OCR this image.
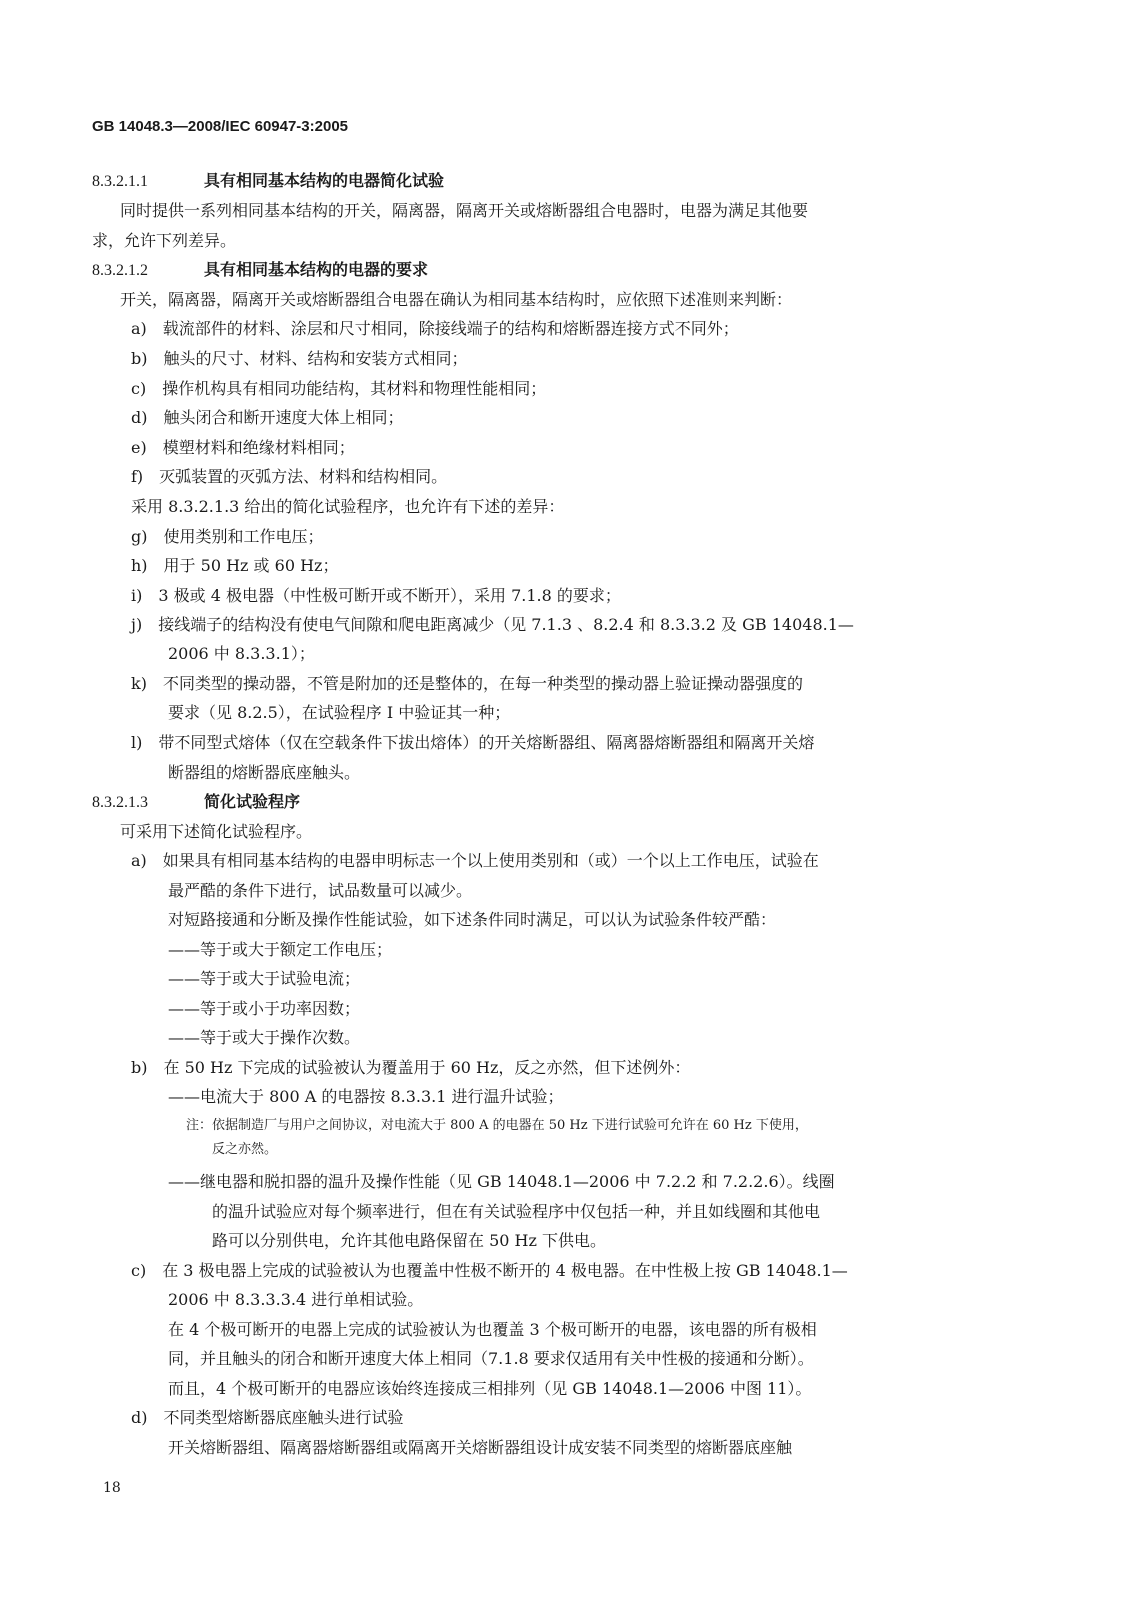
GB 14048.3—2008/IEC 60947-3:2005
8.3.2.1.1	具有相同基本结构的电器简化试验
同时提供一系列相同基本结构的开关，隔离器，隔离开关或熔断器组合电器时，电器为满足其他要
求，允许下列差异。
8.3.2.1.2	具有相同基本结构的电器的要求
开关，隔离器，隔离开关或熔断器组合电器在确认为相同基本结构时，应依照下述准则来判断：
a)　载流部件的材料、涂层和尺寸相同，除接线端子的结构和熔断器连接方式不同外；
b)　触头的尺寸、材料、结构和安装方式相同；
c)　操作机构具有相同功能结构，其材料和物理性能相同；
d)　触头闭合和断开速度大体上相同；
e)　模塑材料和绝缘材料相同；
f)　灭弧装置的灭弧方法、材料和结构相同。
采用 8.3.2.1.3 给出的简化试验程序，也允许有下述的差异：
g)　使用类别和工作电压；
h)　用于 50 Hz 或 60 Hz；
i)　3 极或 4 极电器（中性极可断开或不断开），采用 7.1.8 的要求；
j)　接线端子的结构没有使电气间隙和爬电距离减少（见 7.1.3 、8.2.4 和 8.3.3.2 及 GB 14048.1—
2006 中 8.3.3.1）；
k)　不同类型的操动器，不管是附加的还是整体的，在每一种类型的操动器上验证操动器强度的
要求（见 8.2.5），在试验程序 I 中验证其一种；
l)　带不同型式熔体（仅在空载条件下拔出熔体）的开关熔断器组、隔离器熔断器组和隔离开关熔
断器组的熔断器底座触头。
8.3.2.1.3	简化试验程序
可采用下述简化试验程序。
a)　如果具有相同基本结构的电器申明标志一个以上使用类别和（或）一个以上工作电压，试验在
最严酷的条件下进行，试品数量可以减少。
对短路接通和分断及操作性能试验，如下述条件同时满足，可以认为试验条件较严酷：
——等于或大于额定工作电压；
——等于或大于试验电流；
——等于或小于功率因数；
——等于或大于操作次数。
b)　在 50 Hz 下完成的试验被认为覆盖用于 60 Hz，反之亦然，但下述例外：
——电流大于 800 A 的电器按 8.3.3.1 进行温升试验；
注：依据制造厂与用户之间协议，对电流大于 800 A 的电器在 50 Hz 下进行试验可允许在 60 Hz 下使用，
反之亦然。
——继电器和脱扣器的温升及操作性能（见 GB 14048.1—2006 中 7.2.2 和 7.2.2.6）。线圈
的温升试验应对每个频率进行，但在有关试验程序中仅包括一种，并且如线圈和其他电
路可以分别供电，允许其他电路保留在 50 Hz 下供电。
c)　在 3 极电器上完成的试验被认为也覆盖中性极不断开的 4 极电器。在中性极上按 GB 14048.1—
2006 中 8.3.3.3.4 进行单相试验。
在 4 个极可断开的电器上完成的试验被认为也覆盖 3 个极可断开的电器，该电器的所有极相
同，并且触头的闭合和断开速度大体上相同（7.1.8 要求仅适用有关中性极的接通和分断）。
而且，4 个极可断开的电器应该始终连接成三相排列（见 GB 14048.1—2006 中图 11）。
d)　不同类型熔断器底座触头进行试验
开关熔断器组、隔离器熔断器组或隔离开关熔断器组设计成安装不同类型的熔断器底座触
18
